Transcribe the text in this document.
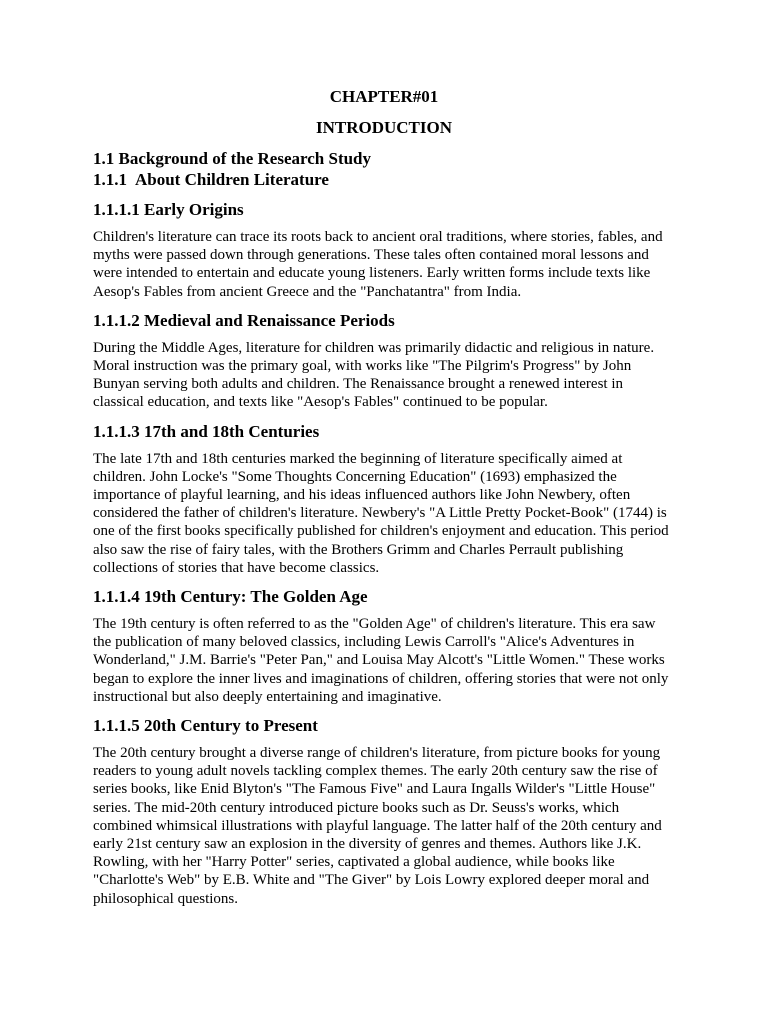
CHAPTER#01

INTRODUCTION

1.1 Background of the Research Study

1.1.1 About Children Literature

1.1.1.1 Early Origins

Children's literature can trace its roots back to ancient oral traditions, where stories, fables, and myths were passed down through generations. These tales often contained moral lessons and were intended to entertain and educate young listeners. Early written forms include texts like Aesop's Fables from ancient Greece and the "Panchatantra" from India.

1.1.1.2 Medieval and Renaissance Periods

During the Middle Ages, literature for children was primarily didactic and religious in nature. Moral instruction was the primary goal, with works like "The Pilgrim's Progress" by John Bunyan serving both adults and children. The Renaissance brought a renewed interest in classical education, and texts like "Aesop's Fables" continued to be popular.

1.1.1.3 17th and 18th Centuries

The late 17th and 18th centuries marked the beginning of literature specifically aimed at children. John Locke's "Some Thoughts Concerning Education" (1693) emphasized the importance of playful learning, and his ideas influenced authors like John Newbery, often considered the father of children's literature. Newbery's "A Little Pretty Pocket-Book" (1744) is one of the first books specifically published for children's enjoyment and education. This period also saw the rise of fairy tales, with the Brothers Grimm and Charles Perrault publishing collections of stories that have become classics.

1.1.1.4 19th Century: The Golden Age

The 19th century is often referred to as the "Golden Age" of children's literature. This era saw the publication of many beloved classics, including Lewis Carroll's "Alice's Adventures in Wonderland," J.M. Barrie's "Peter Pan," and Louisa May Alcott's "Little Women." These works began to explore the inner lives and imaginations of children, offering stories that were not only instructional but also deeply entertaining and imaginative.

1.1.1.5 20th Century to Present

The 20th century brought a diverse range of children's literature, from picture books for young readers to young adult novels tackling complex themes. The early 20th century saw the rise of series books, like Enid Blyton's "The Famous Five" and Laura Ingalls Wilder's "Little House" series. The mid-20th century introduced picture books such as Dr. Seuss's works, which combined whimsical illustrations with playful language. The latter half of the 20th century and early 21st century saw an explosion in the diversity of genres and themes. Authors like J.K. Rowling, with her "Harry Potter" series, captivated a global audience, while books like "Charlotte's Web" by E.B. White and "The Giver" by Lois Lowry explored deeper moral and philosophical questions.
